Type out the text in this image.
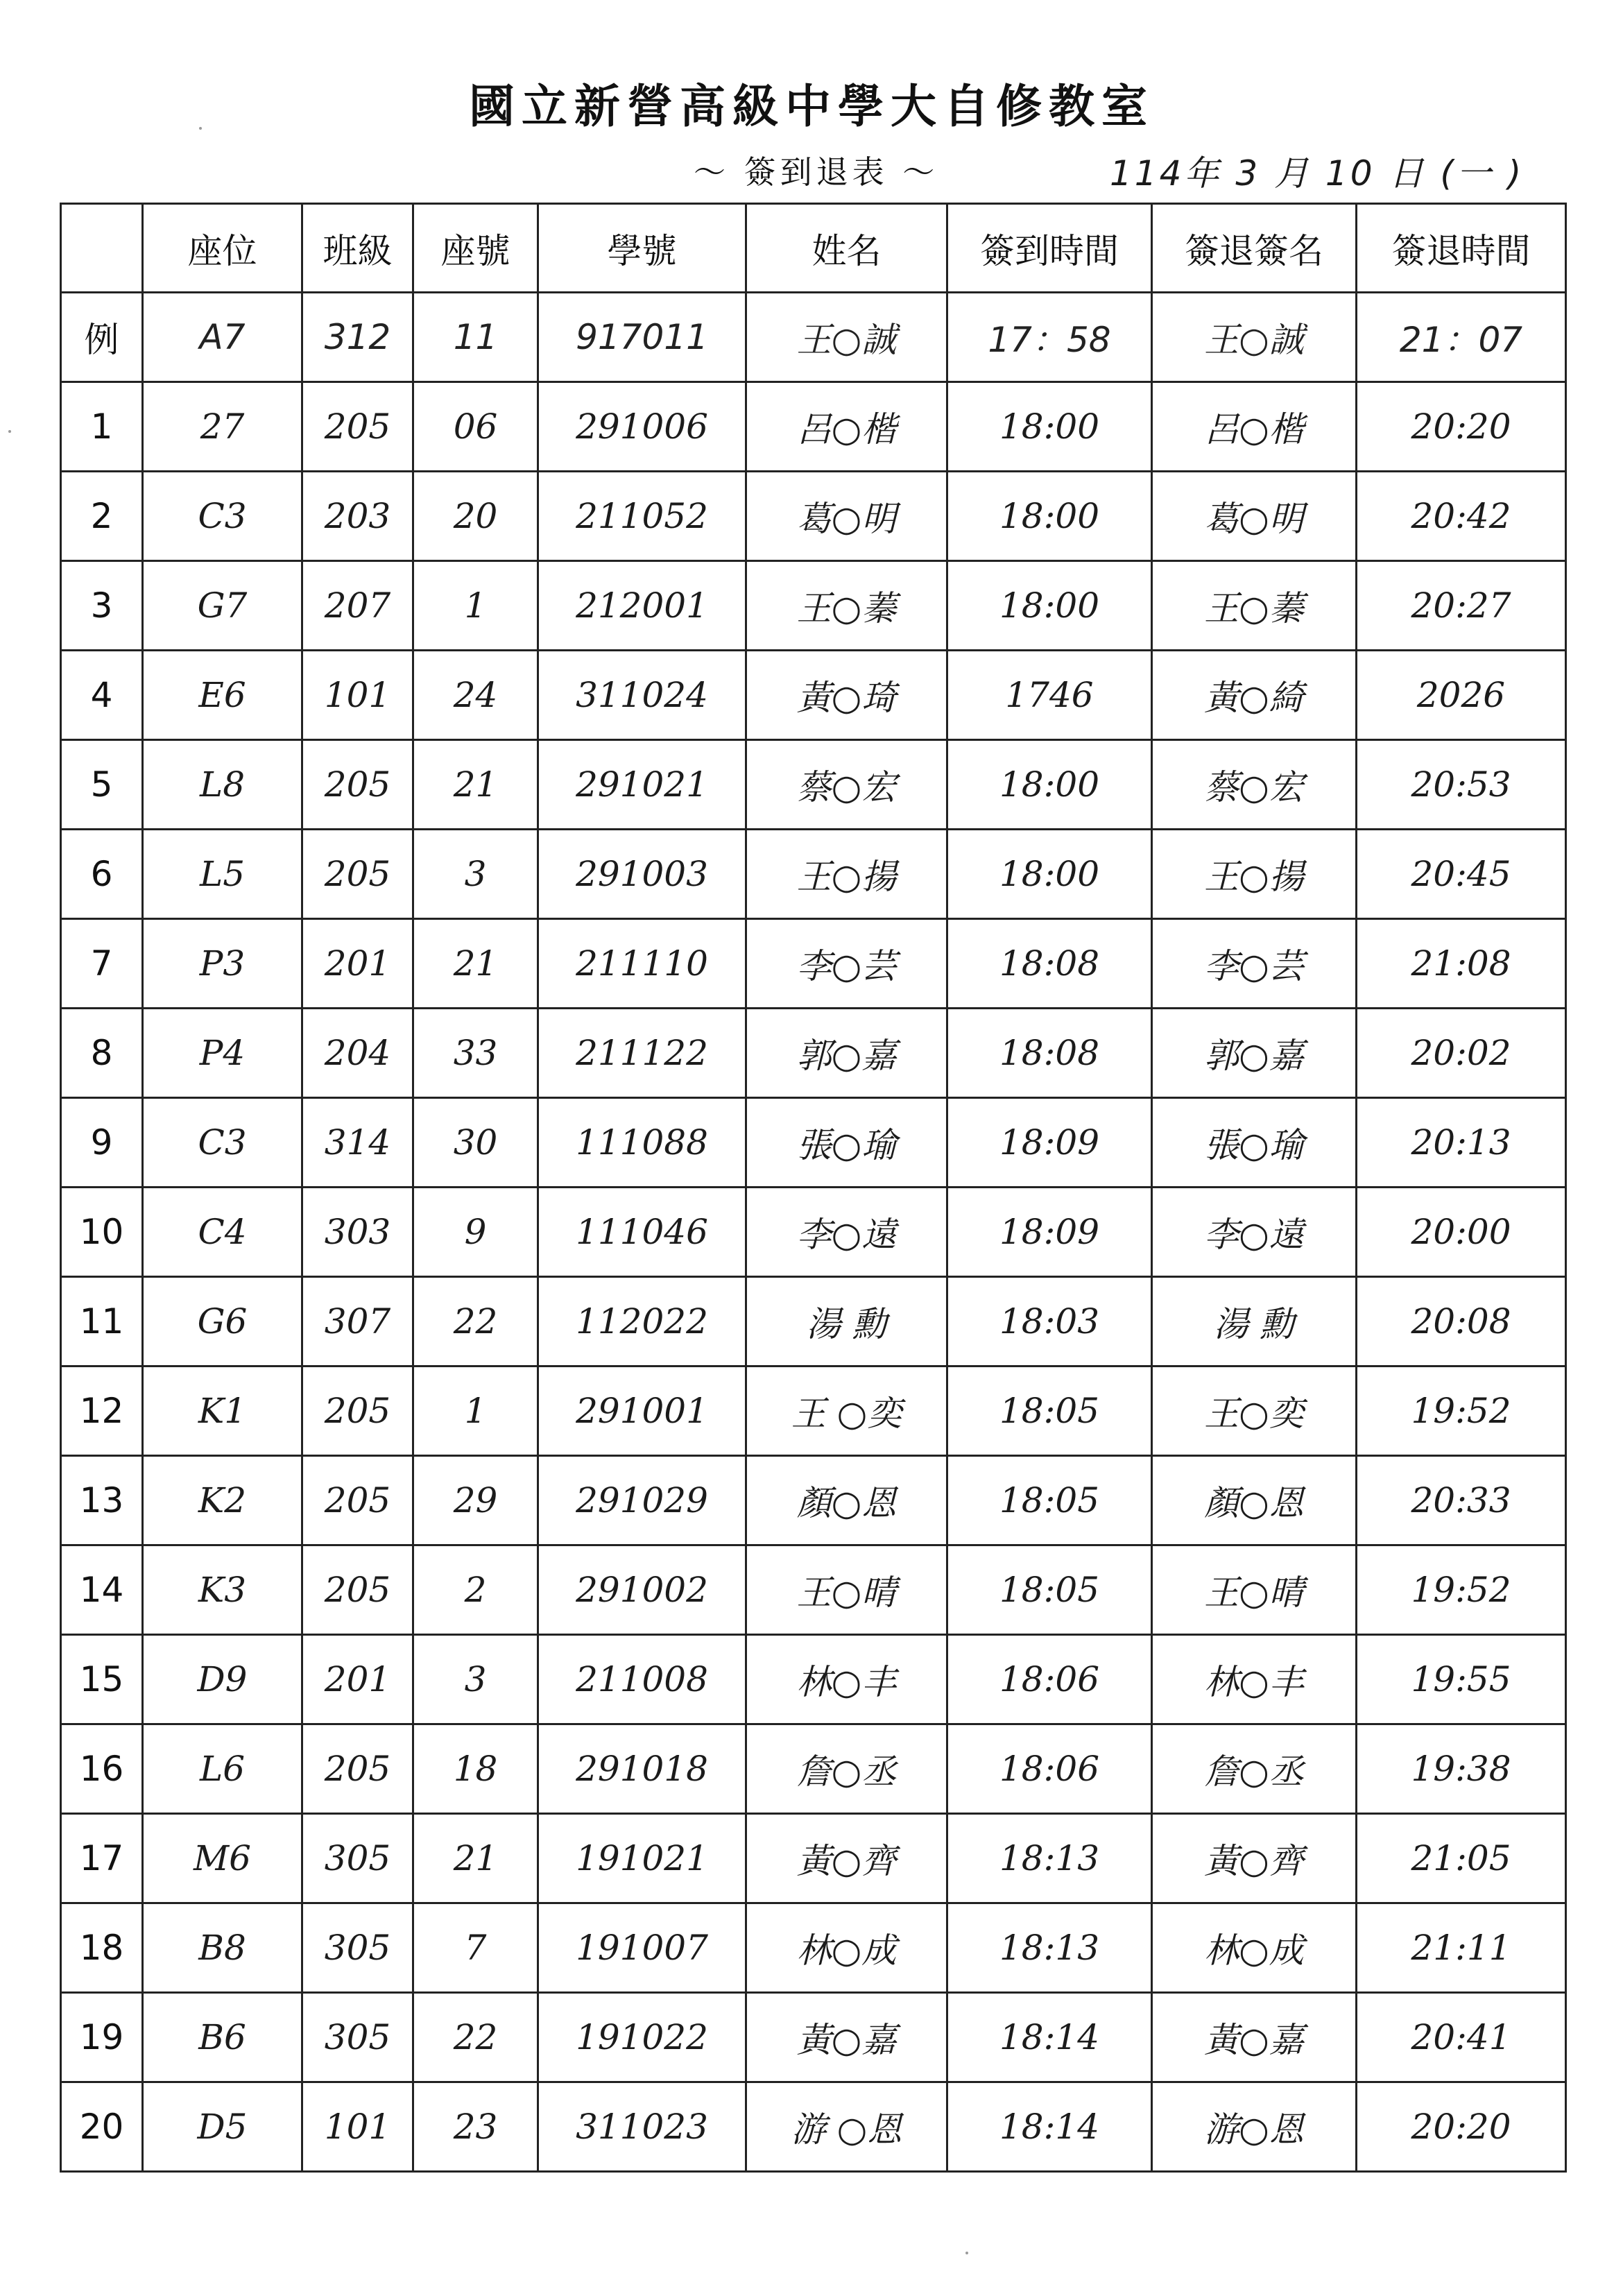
國立新營高級中學大自修教室
～ 簽到退表 ～	114年 3 月 10 日 (一 )
	座位	班級	座號	學號	姓名	簽到時間	簽退簽名	簽退時間
例	A7	312	11	917011	王○誠	17：58	王○誠	21：07
1	27	205	06	291006	呂○楷	18:00	呂○楷	20:20
2	C3	203	20	211052	葛○明	18:00	葛○明	20:42
3	G7	207	1	212001	王○蓁	18:00	王○蓁	20:27
4	E6	101	24	311024	黃○琦	1746	黃○綺	2026
5	L8	205	21	291021	蔡○宏	18:00	蔡○宏	20:53
6	L5	205	3	291003	王○揚	18:00	王○揚	20:45
7	P3	201	21	211110	李○芸	18:08	李○芸	21:08
8	P4	204	33	211122	郭○嘉	18:08	郭○嘉	20:02
9	C3	314	30	111088	張○瑜	18:09	張○瑜	20:13
10	C4	303	9	111046	李○遠	18:09	李○遠	20:00
11	G6	307	22	112022	湯 勳	18:03	湯 勳	20:08
12	K1	205	1	291001	王 ○奕	18:05	王○奕	19:52
13	K2	205	29	291029	顏○恩	18:05	顏○恩	20:33
14	K3	205	2	291002	王○晴	18:05	王○晴	19:52
15	D9	201	3	211008	林○丰	18:06	林○丰	19:55
16	L6	205	18	291018	詹○丞	18:06	詹○丞	19:38
17	M6	305	21	191021	黃○齊	18:13	黃○齊	21:05
18	B8	305	7	191007	林○成	18:13	林○成	21:11
19	B6	305	22	191022	黃○嘉	18:14	黃○嘉	20:41
20	D5	101	23	311023	游 ○恩	18:14	游○恩	20:20
